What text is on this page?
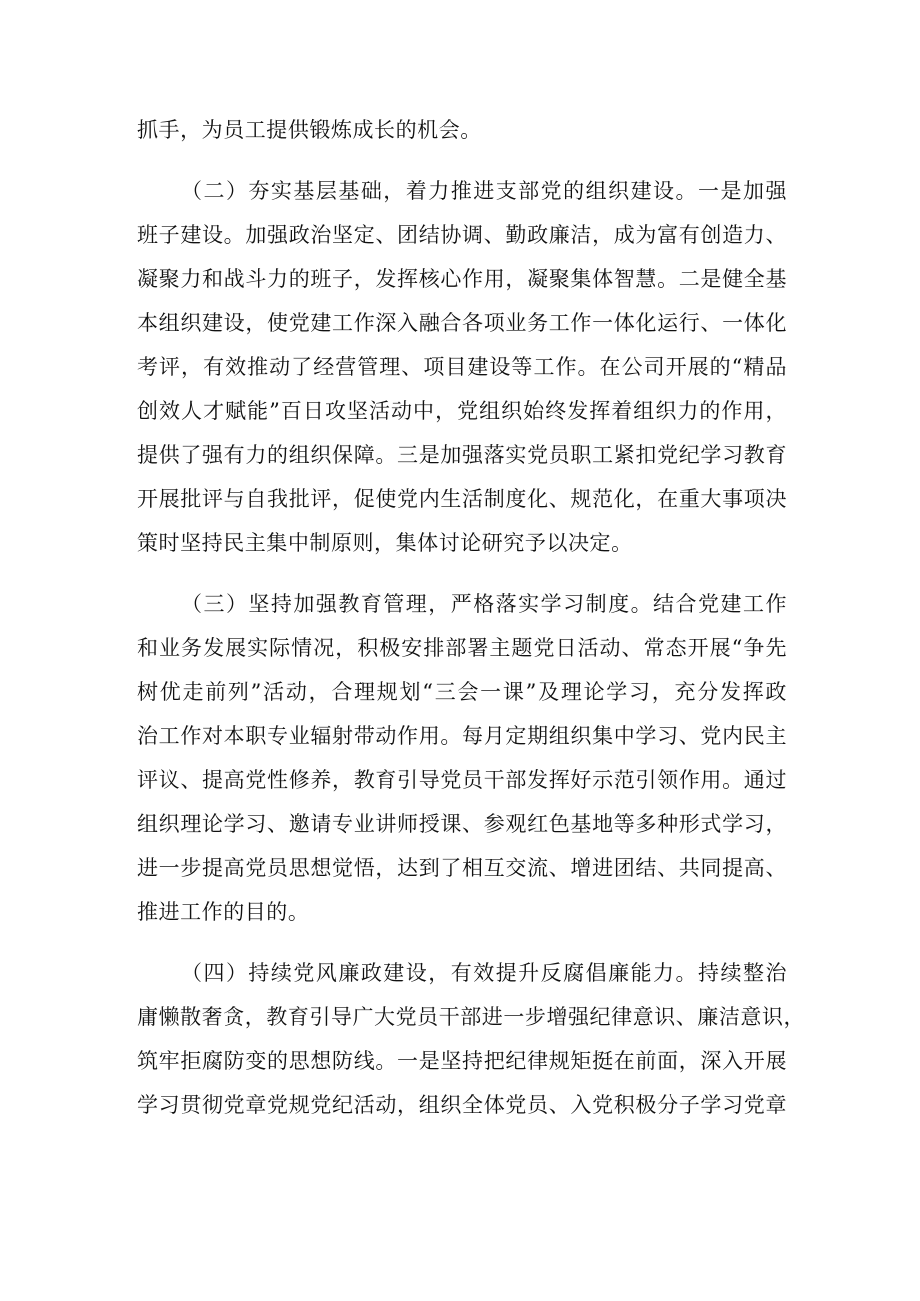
抓手，为员工提供锻炼成长的机会。
（二）夯实基层基础，着力推进支部党的组织建设。一是加强
班子建设。加强政治坚定、团结协调、勤政廉洁，成为富有创造力、
凝聚力和战斗力的班子，发挥核心作用，凝聚集体智慧。二是健全基
本组织建设，使党建工作深入融合各项业务工作一体化运行、一体化
考评，有效推动了经营管理、项目建设等工作。在公司开展的“精品
创效人才赋能”百日攻坚活动中，党组织始终发挥着组织力的作用，
提供了强有力的组织保障。三是加强落实党员职工紧扣党纪学习教育
开展批评与自我批评，促使党内生活制度化、规范化，在重大事项决
策时坚持民主集中制原则，集体讨论研究予以决定。
（三）坚持加强教育管理，严格落实学习制度。结合党建工作
和业务发展实际情况，积极安排部署主题党日活动、常态开展“争先
树优走前列”活动，合理规划“三会一课”及理论学习，充分发挥政
治工作对本职专业辐射带动作用。每月定期组织集中学习、党内民主
评议、提高党性修养，教育引导党员干部发挥好示范引领作用。通过
组织理论学习、邀请专业讲师授课、参观红色基地等多种形式学习，
进一步提高党员思想觉悟，达到了相互交流、增进团结、共同提高、
推进工作的目的。
（四）持续党风廉政建设，有效提升反腐倡廉能力。持续整治
庸懒散奢贪，教育引导广大党员干部进一步增强纪律意识、廉洁意识，
筑牢拒腐防变的思想防线。一是坚持把纪律规矩挺在前面，深入开展
学习贯彻党章党规党纪活动，组织全体党员、入党积极分子学习党章
